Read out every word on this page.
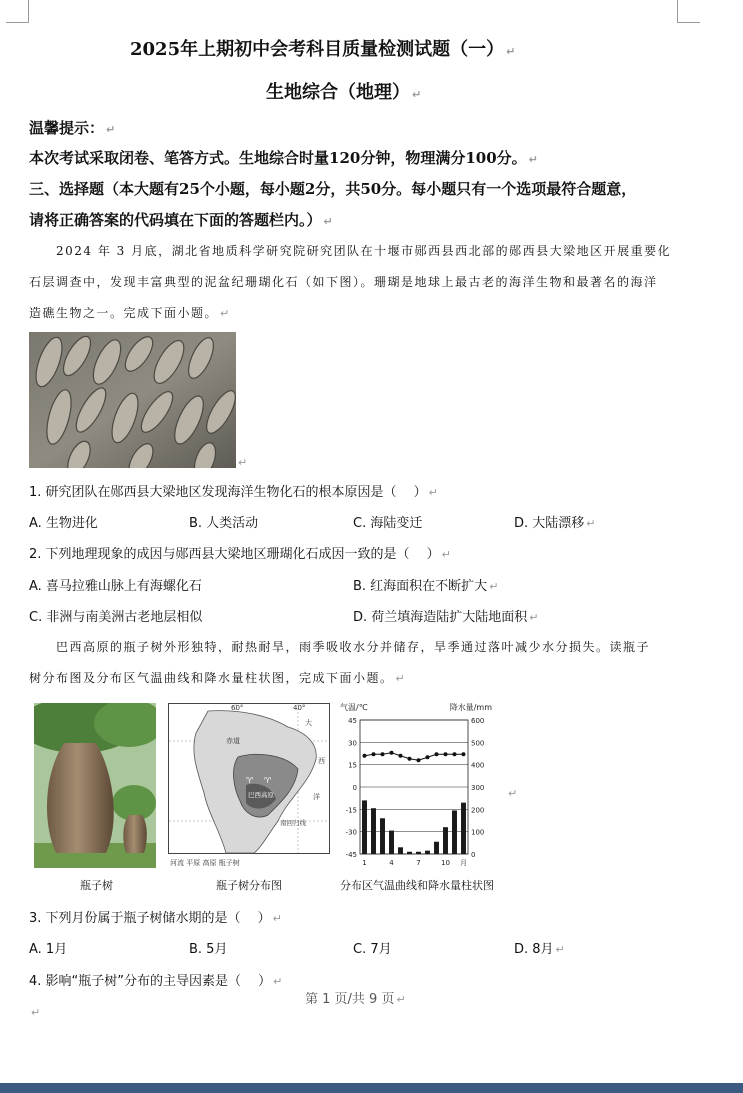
2025年上期初中会考科目质量检测试题（一） ↵
生地综合（地理） ↵
温馨提示： ↵
本次考试采取闭卷、笔答方式。生地综合时量120分钟，物理满分100分。 ↵
三、选择题（本大题有25个小题，每小题2分，共50分。每小题只有一个选项最符合题意，
请将正确答案的代码填在下面的答题栏内。） ↵
2024 年 3 月底，湖北省地质科学研究院研究团队在十堰市郧西县西北部的郧西县大梁地区开展重要化
石层调查中，发现丰富典型的泥盆纪珊瑚化石（如下图）。珊瑚是地球上最古老的海洋生物和最著名的海洋
造礁生物之一。完成下面小题。 ↵
↵
1. 研究团队在郧西县大梁地区发现海洋生物化石的根本原因是（　 ） ↵
A. 生物进化	B. 人类活动	C. 海陆变迁	D. 大陆漂移 ↵
2. 下列地理现象的成因与郧西县大梁地区珊瑚化石成因一致的是（　 ） ↵
A. 喜马拉雅山脉上有海螺化石	B. 红海面积在不断扩大 ↵
C. 非洲与南美洲古老地层相似	D. 荷兰填海造陆扩大陆地面积 ↵
巴西高原的瓶子树外形独特，耐热耐旱，雨季吸收水分并储存，旱季通过落叶减少水分损失。读瓶子
树分布图及分布区气温曲线和降水量柱状图，完成下面小题。 ↵
♈ ♈
60°	40°
赤道
大
西
洋
巴西高原
南回归线
河流 平原 高原 瓶子树
气温/℃	降水量/mm
45	600
30	500
15	400
0	300
-15	200
-30	100
-45	0
1	4	7	10 月
↵
瓶子树	瓶子树分布图	分布区气温曲线和降水量柱状图
3. 下列月份属于瓶子树储水期的是（　 ） ↵
A. 1月	B. 5月	C. 7月	D. 8月 ↵
4. 影响“瓶子树”分布的主导因素是（　 ） ↵
第 1 页/共 9 页 ↵
↵
